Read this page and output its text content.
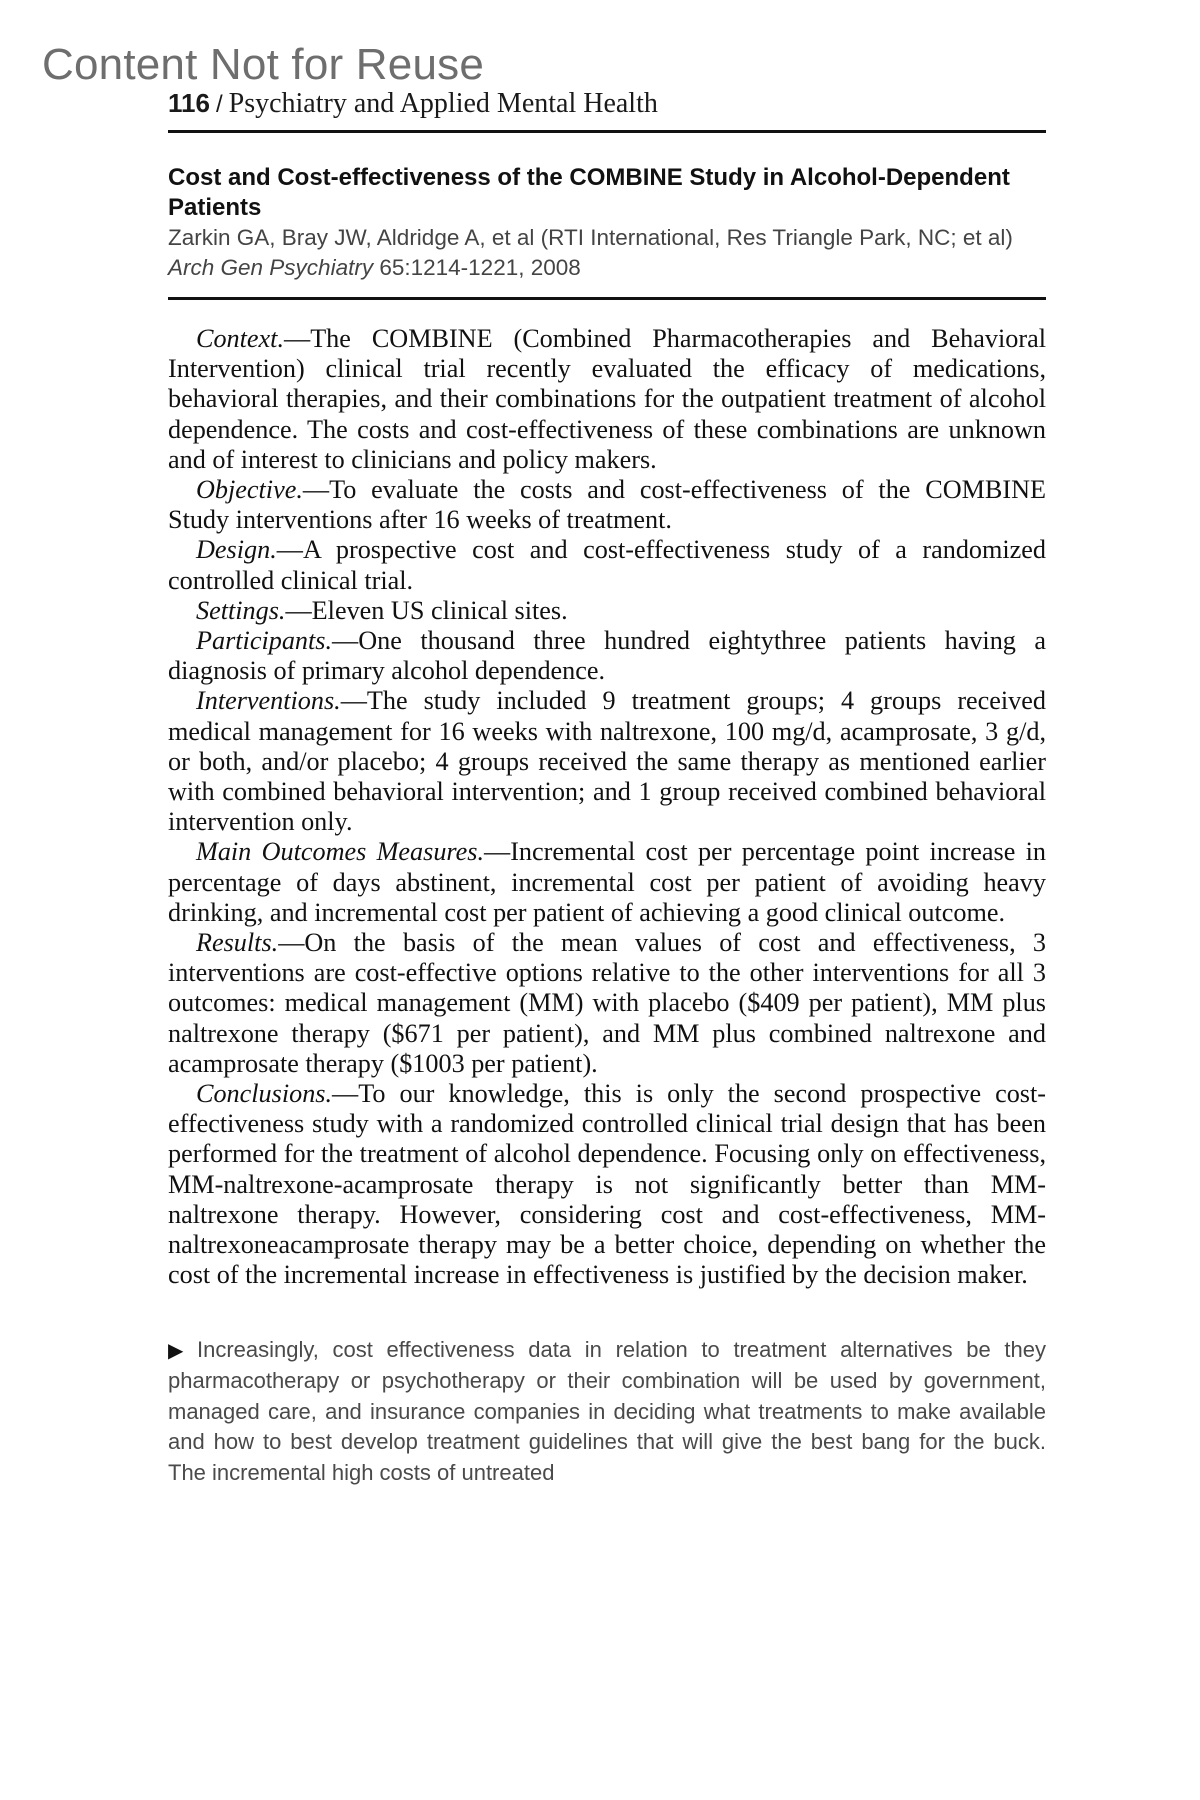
Content Not for Reuse
116 / Psychiatry and Applied Mental Health
Cost and Cost-effectiveness of the COMBINE Study in Alcohol-Dependent Patients
Zarkin GA, Bray JW, Aldridge A, et al (RTI International, Res Triangle Park, NC; et al)
Arch Gen Psychiatry 65:1214-1221, 2008

Context.—The COMBINE (Combined Pharmacotherapies and Behavioral Intervention) clinical trial recently evaluated the efficacy of medications, behavioral therapies, and their combinations for the outpatient treatment of alcohol dependence. The costs and cost-effectiveness of these combinations are unknown and of interest to clinicians and policy makers.

Objective.—To evaluate the costs and cost-effectiveness of the COMBINE Study interventions after 16 weeks of treatment.

Design.—A prospective cost and cost-effectiveness study of a randomized controlled clinical trial.

Settings.—Eleven US clinical sites.

Participants.—One thousand three hundred eightythree patients having a diagnosis of primary alcohol dependence.

Interventions.—The study included 9 treatment groups; 4 groups received medical management for 16 weeks with naltrexone, 100 mg/d, acamprosate, 3 g/d, or both, and/or placebo; 4 groups received the same therapy as mentioned earlier with combined behavioral intervention; and 1 group received combined behavioral intervention only.

Main Outcomes Measures.—Incremental cost per percentage point increase in percentage of days abstinent, incremental cost per patient of avoiding heavy drinking, and incremental cost per patient of achieving a good clinical outcome.

Results.—On the basis of the mean values of cost and effectiveness, 3 interventions are cost-effective options relative to the other interventions for all 3 outcomes: medical management (MM) with placebo ($409 per patient), MM plus naltrexone therapy ($671 per patient), and MM plus combined naltrexone and acamprosate therapy ($1003 per patient).

Conclusions.—To our knowledge, this is only the second prospective cost-effectiveness study with a randomized controlled clinical trial design that has been performed for the treatment of alcohol dependence. Focusing only on effectiveness, MM-naltrexone-acamprosate therapy is not significantly better than MM-naltrexone therapy. However, considering cost and cost-effectiveness, MM-naltrexoneacamprosate therapy may be a better choice, depending on whether the cost of the incremental increase in effectiveness is justified by the decision maker.

▶ Increasingly, cost effectiveness data in relation to treatment alternatives be they pharmacotherapy or psychotherapy or their combination will be used by government, managed care, and insurance companies in deciding what treatments to make available and how to best develop treatment guidelines that will give the best bang for the buck. The incremental high costs of untreated
